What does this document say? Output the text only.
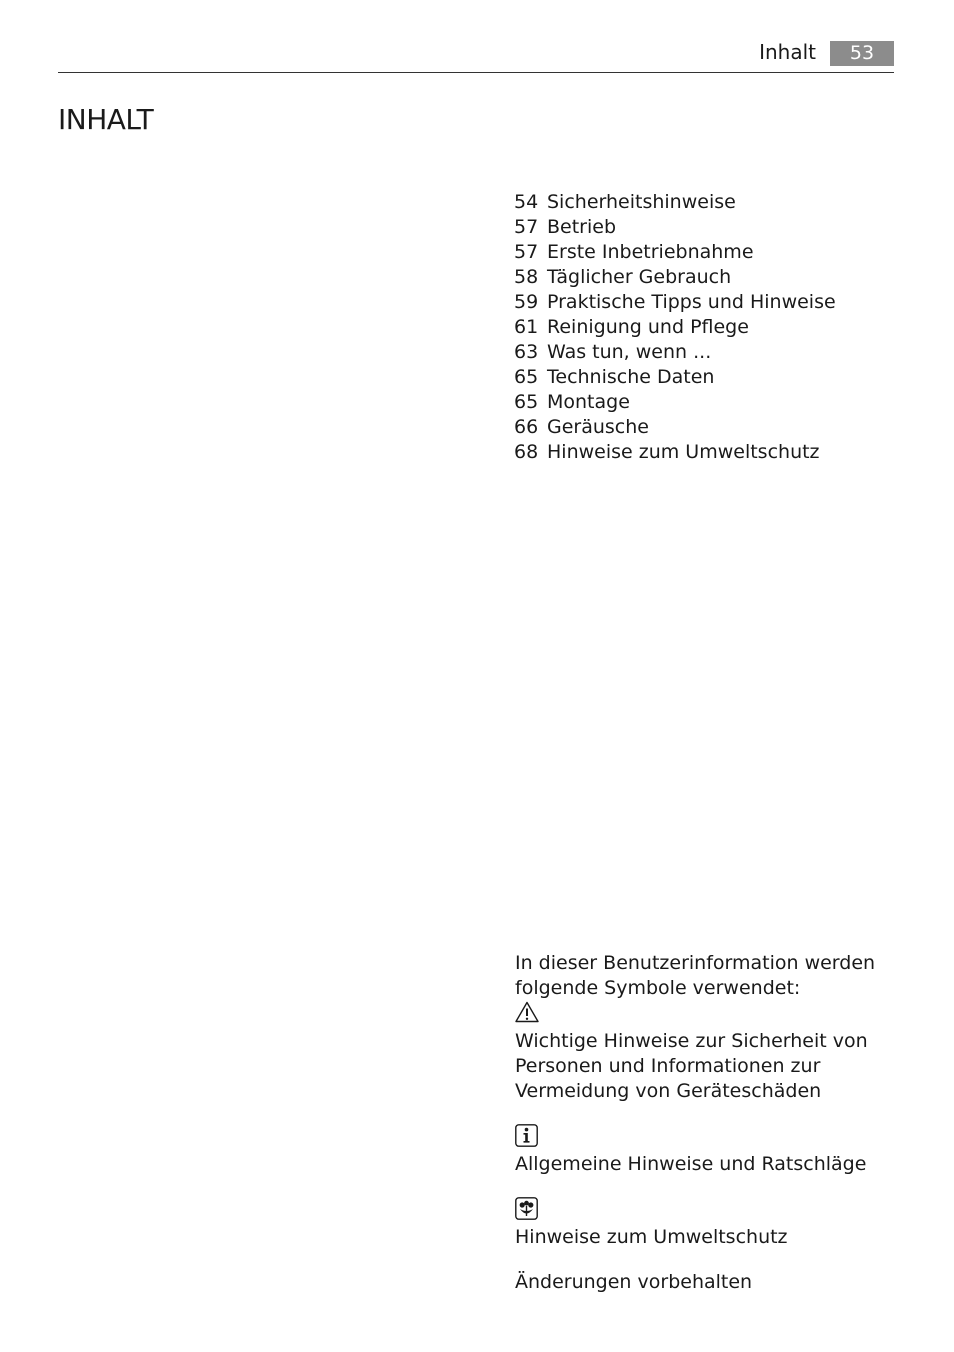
Inhalt	53
INHALT
54 Sicherheitshinweise
57 Betrieb
57 Erste Inbetriebnahme
58 Täglicher Gebrauch
59 Praktische Tipps und Hinweise
61 Reinigung und Pflege
63 Was tun, wenn ...
65 Technische Daten
65 Montage
66 Geräusche
68 Hinweise zum Umweltschutz

In dieser Benutzerinformation werden folgende Symbole verwendet:

Wichtige Hinweise zur Sicherheit von Personen und Informationen zur Vermeidung von Geräteschäden

Allgemeine Hinweise und Ratschläge

Hinweise zum Umweltschutz

Änderungen vorbehalten
